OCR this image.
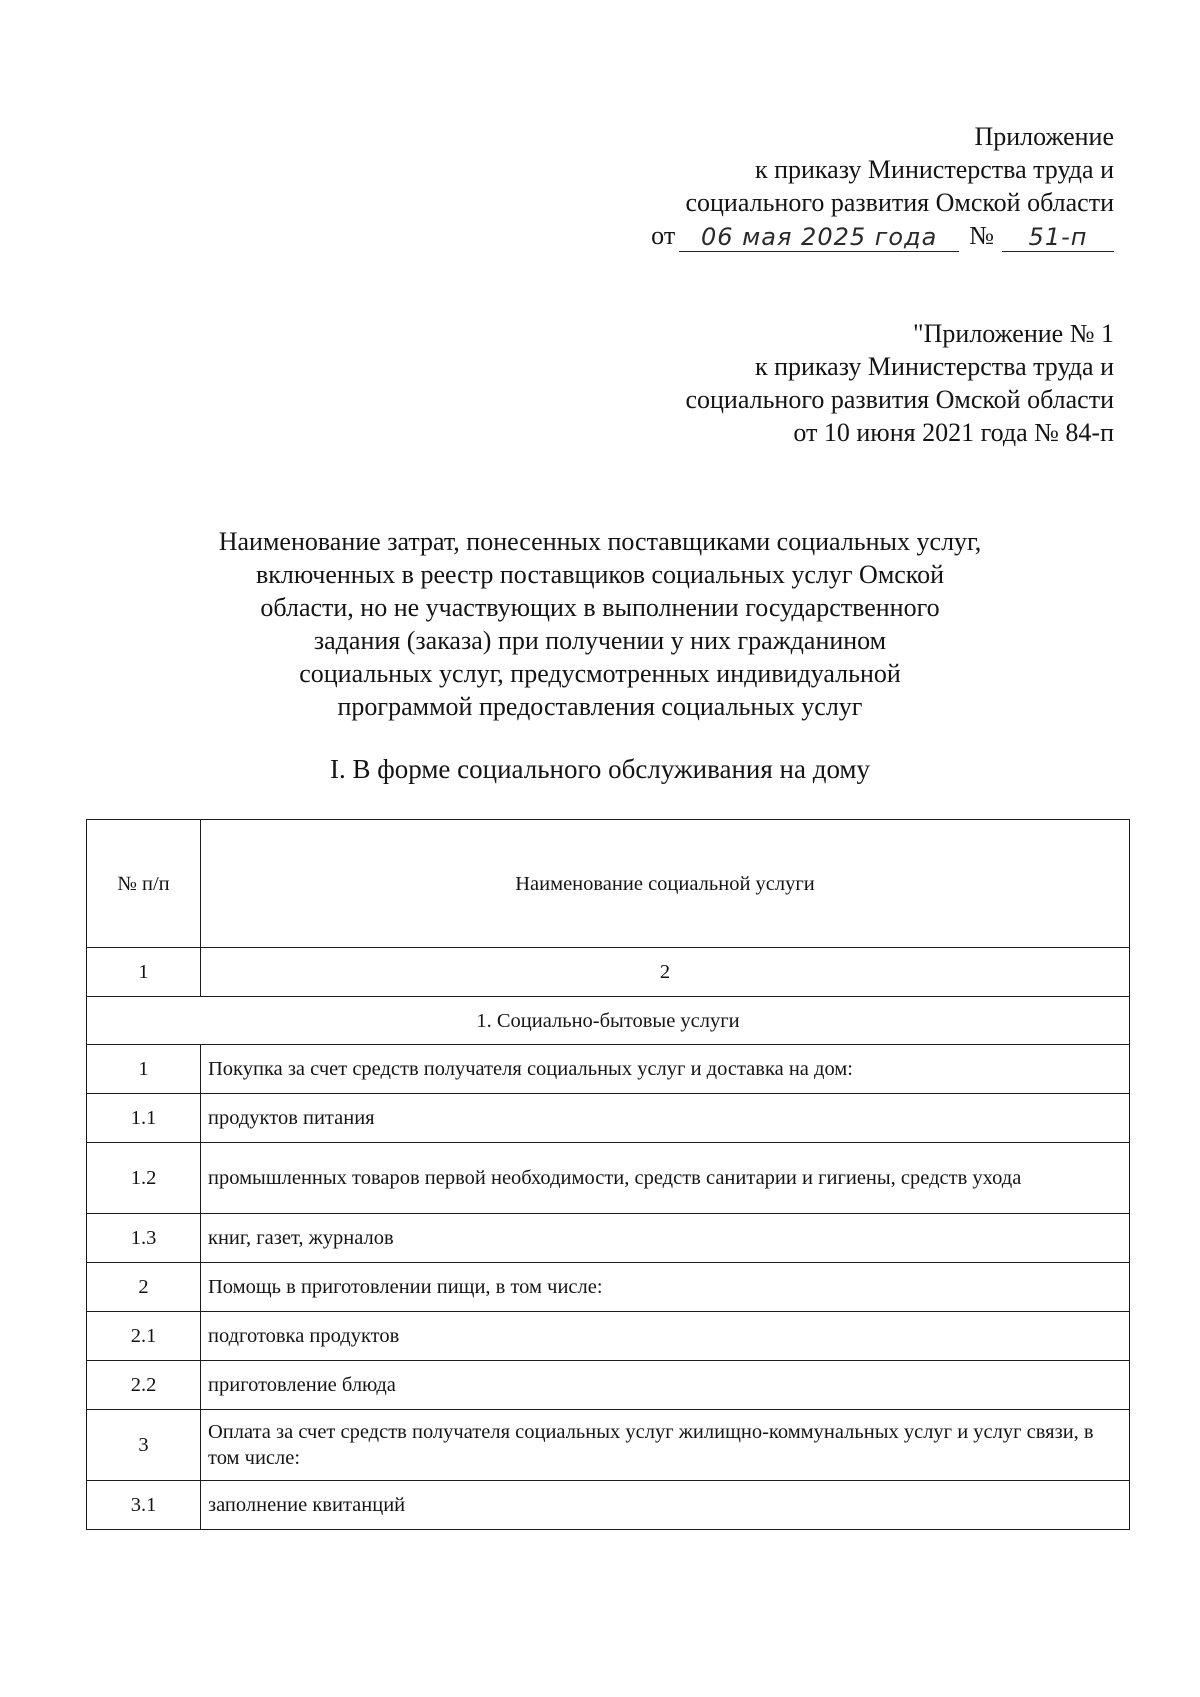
Приложение
к приказу Министерства труда и
социального развития Омской области
от	06 мая 2025 года	№	51-п
"Приложение № 1
к приказу Министерства труда и
социального развития Омской области
от 10 июня 2021 года № 84-п
Наименование затрат, понесенных поставщиками социальных услуг,
включенных в реестр поставщиков социальных услуг Омской
области, но не участвующих в выполнении государственного
задания (заказа) при получении у них гражданином
социальных услуг, предусмотренных индивидуальной
программой предоставления социальных услуг
I. В форме социального обслуживания на дому
№ п/п	Наименование социальной услуги
1	2
1. Социально-бытовые услуги	
1	Покупка за счет средств получателя социальных услуг и доставка на дом:
1.1	продуктов питания
1.2	промышленных товаров первой необходимости, средств санитарии и гигиены, средств ухода
1.3	книг, газет, журналов
2	Помощь в приготовлении пищи, в том числе:
2.1	подготовка продуктов
2.2	приготовление блюда
3	Оплата за счет средств получателя социальных услуг жилищно-коммунальных услуг и услуг связи, в том числе:
3.1	заполнение квитанций
